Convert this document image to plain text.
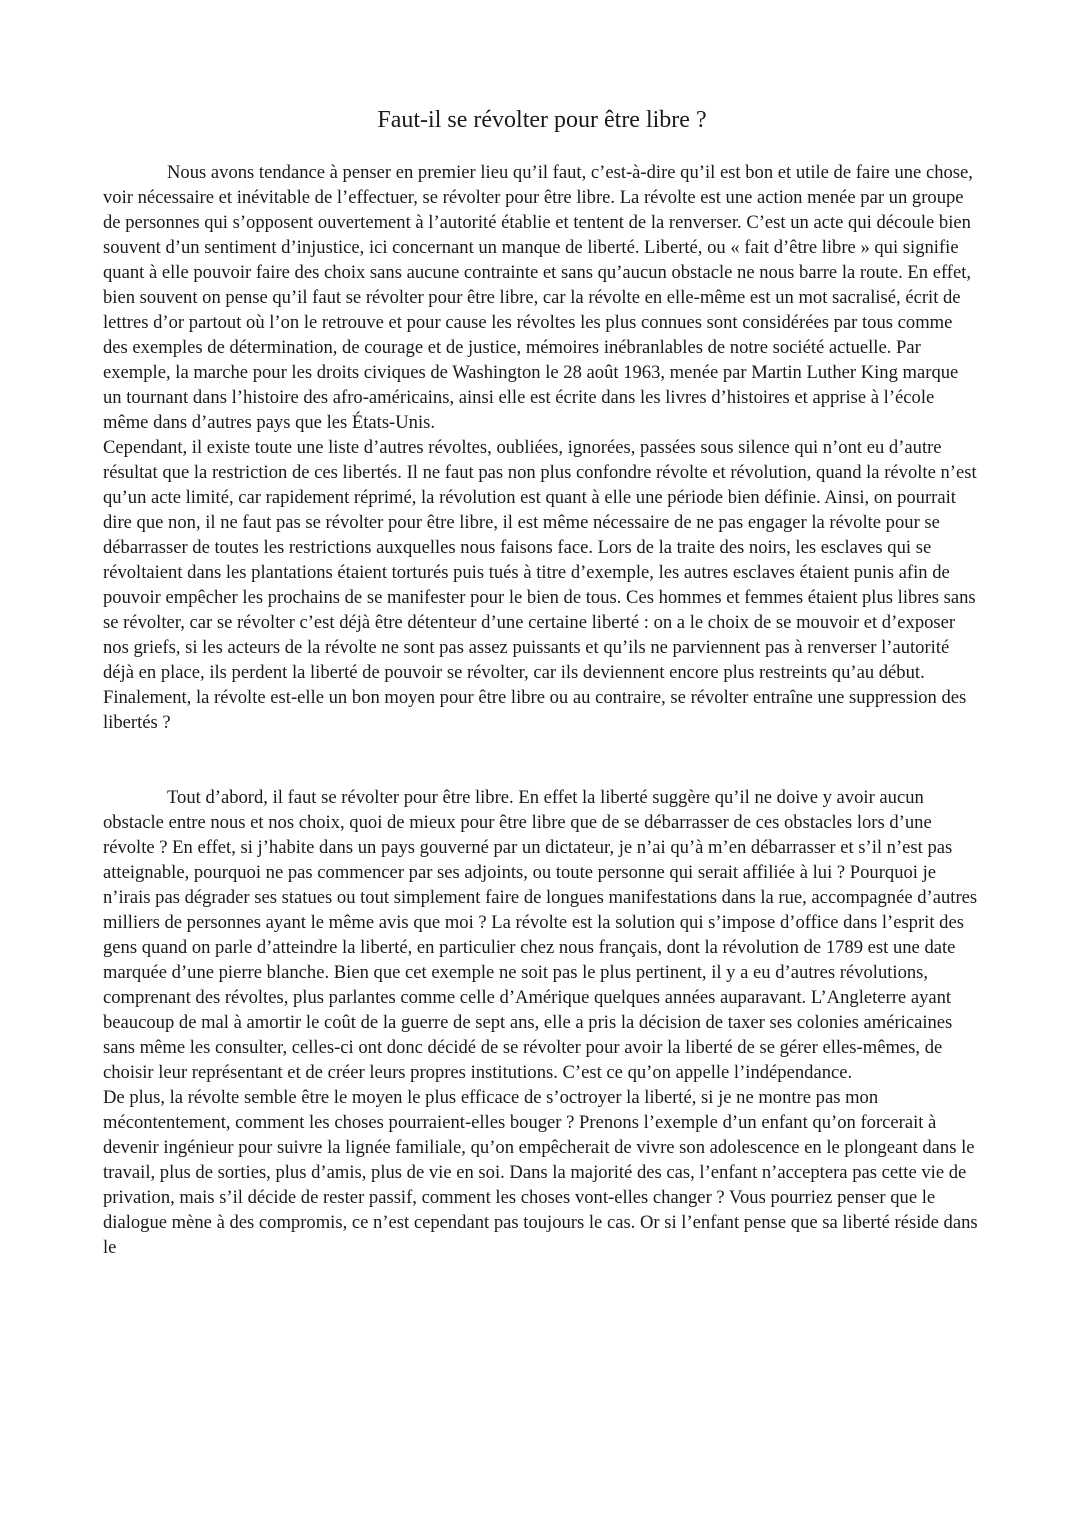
Faut-il se révolter pour être libre ?

Nous avons tendance à penser en premier lieu qu’il faut, c’est-à-dire qu’il est bon et utile de faire une chose, voir nécessaire et inévitable de l’effectuer, se révolter pour être libre. La révolte est une action menée par un groupe de personnes qui s’opposent ouvertement à l’autorité établie et tentent de la renverser. C’est un acte qui découle bien souvent d’un sentiment d’injustice, ici concernant un manque de liberté. Liberté, ou « fait d’être libre » qui signifie quant à elle pouvoir faire des choix sans aucune contrainte et sans qu’aucun obstacle ne nous barre la route. En effet, bien souvent on pense qu’il faut se révolter pour être libre, car la révolte en elle-même est un mot sacralisé, écrit de lettres d’or partout où l’on le retrouve et pour cause les révoltes les plus connues sont considérées par tous comme des exemples de détermination, de courage et de justice, mémoires inébranlables de notre société actuelle. Par exemple, la marche pour les droits civiques de Washington le 28 août 1963, menée par Martin Luther King marque un tournant dans l’histoire des afro-américains, ainsi elle est écrite dans les livres d’histoires et apprise à l’école même dans d’autres pays que les États-Unis.

Cependant, il existe toute une liste d’autres révoltes, oubliées, ignorées, passées sous silence qui n’ont eu d’autre résultat que la restriction de ces libertés. Il ne faut pas non plus confondre révolte et révolution, quand la révolte n’est qu’un acte limité, car rapidement réprimé, la révolution est quant à elle une période bien définie. Ainsi, on pourrait dire que non, il ne faut pas se révolter pour être libre, il est même nécessaire de ne pas engager la révolte pour se débarrasser de toutes les restrictions auxquelles nous faisons face. Lors de la traite des noirs, les esclaves qui se révoltaient dans les plantations étaient torturés puis tués à titre d’exemple, les autres esclaves étaient punis afin de pouvoir empêcher les prochains de se manifester pour le bien de tous. Ces hommes et femmes étaient plus libres sans se révolter, car se révolter c’est déjà être détenteur d’une certaine liberté : on a le choix de se mouvoir et d’exposer nos griefs, si les acteurs de la révolte ne sont pas assez puissants et qu’ils ne parviennent pas à renverser l’autorité déjà en place, ils perdent la liberté de pouvoir se révolter, car ils deviennent encore plus restreints qu’au début.

Finalement, la révolte est-elle un bon moyen pour être libre ou au contraire, se révolter entraîne une suppression des libertés ?

Tout d’abord, il faut se révolter pour être libre. En effet la liberté suggère qu’il ne doive y avoir aucun obstacle entre nous et nos choix, quoi de mieux pour être libre que de se débarrasser de ces obstacles lors d’une révolte ? En effet, si j’habite dans un pays gouverné par un dictateur, je n’ai qu’à m’en débarrasser et s’il n’est pas atteignable, pourquoi ne pas commencer par ses adjoints, ou toute personne qui serait affiliée à lui ? Pourquoi je n’irais pas dégrader ses statues ou tout simplement faire de longues manifestations dans la rue, accompagnée d’autres milliers de personnes ayant le même avis que moi ? La révolte est la solution qui s’impose d’office dans l’esprit des gens quand on parle d’atteindre la liberté, en particulier chez nous français, dont la révolution de 1789 est une date marquée d’une pierre blanche. Bien que cet exemple ne soit pas le plus pertinent, il y a eu d’autres révolutions, comprenant des révoltes, plus parlantes comme celle d’Amérique quelques années auparavant. L’Angleterre ayant beaucoup de mal à amortir le coût de la guerre de sept ans, elle a pris la décision de taxer ses colonies américaines sans même les consulter, celles-ci ont donc décidé de se révolter pour avoir la liberté de se gérer elles-mêmes, de choisir leur représentant et de créer leurs propres institutions. C’est ce qu’on appelle l’indépendance.

De plus, la révolte semble être le moyen le plus efficace de s’octroyer la liberté, si je ne montre pas mon mécontentement, comment les choses pourraient-elles bouger ? Prenons l’exemple d’un enfant qu’on forcerait à devenir ingénieur pour suivre la lignée familiale, qu’on empêcherait de vivre son adolescence en le plongeant dans le travail, plus de sorties, plus d’amis, plus de vie en soi. Dans la majorité des cas, l’enfant n’acceptera pas cette vie de privation, mais s’il décide de rester passif, comment les choses vont-elles changer ? Vous pourriez penser que le dialogue mène à des compromis, ce n’est cependant pas toujours le cas. Or si l’enfant pense que sa liberté réside dans le
